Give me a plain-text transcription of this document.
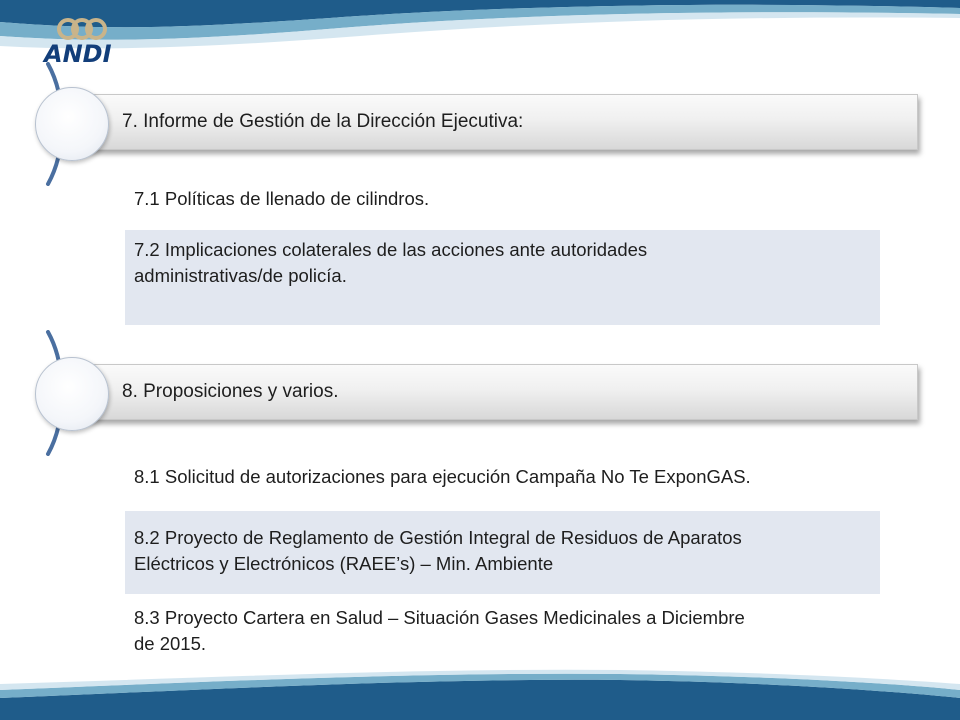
ANDI
7. Informe de Gestión de la Dirección Ejecutiva:
7.1 Políticas de llenado de cilindros.
7.2 Implicaciones colaterales de las acciones ante autoridades
administrativas/de policía.
8. Proposiciones y varios.
8.1 Solicitud de autorizaciones para ejecución Campaña No Te ExponGAS.
8.2 Proyecto de Reglamento de Gestión Integral de Residuos de Aparatos
Eléctricos y Electrónicos (RAEE’s) – Min. Ambiente
8.3 Proyecto Cartera en Salud – Situación Gases Medicinales a Diciembre
de 2015.
